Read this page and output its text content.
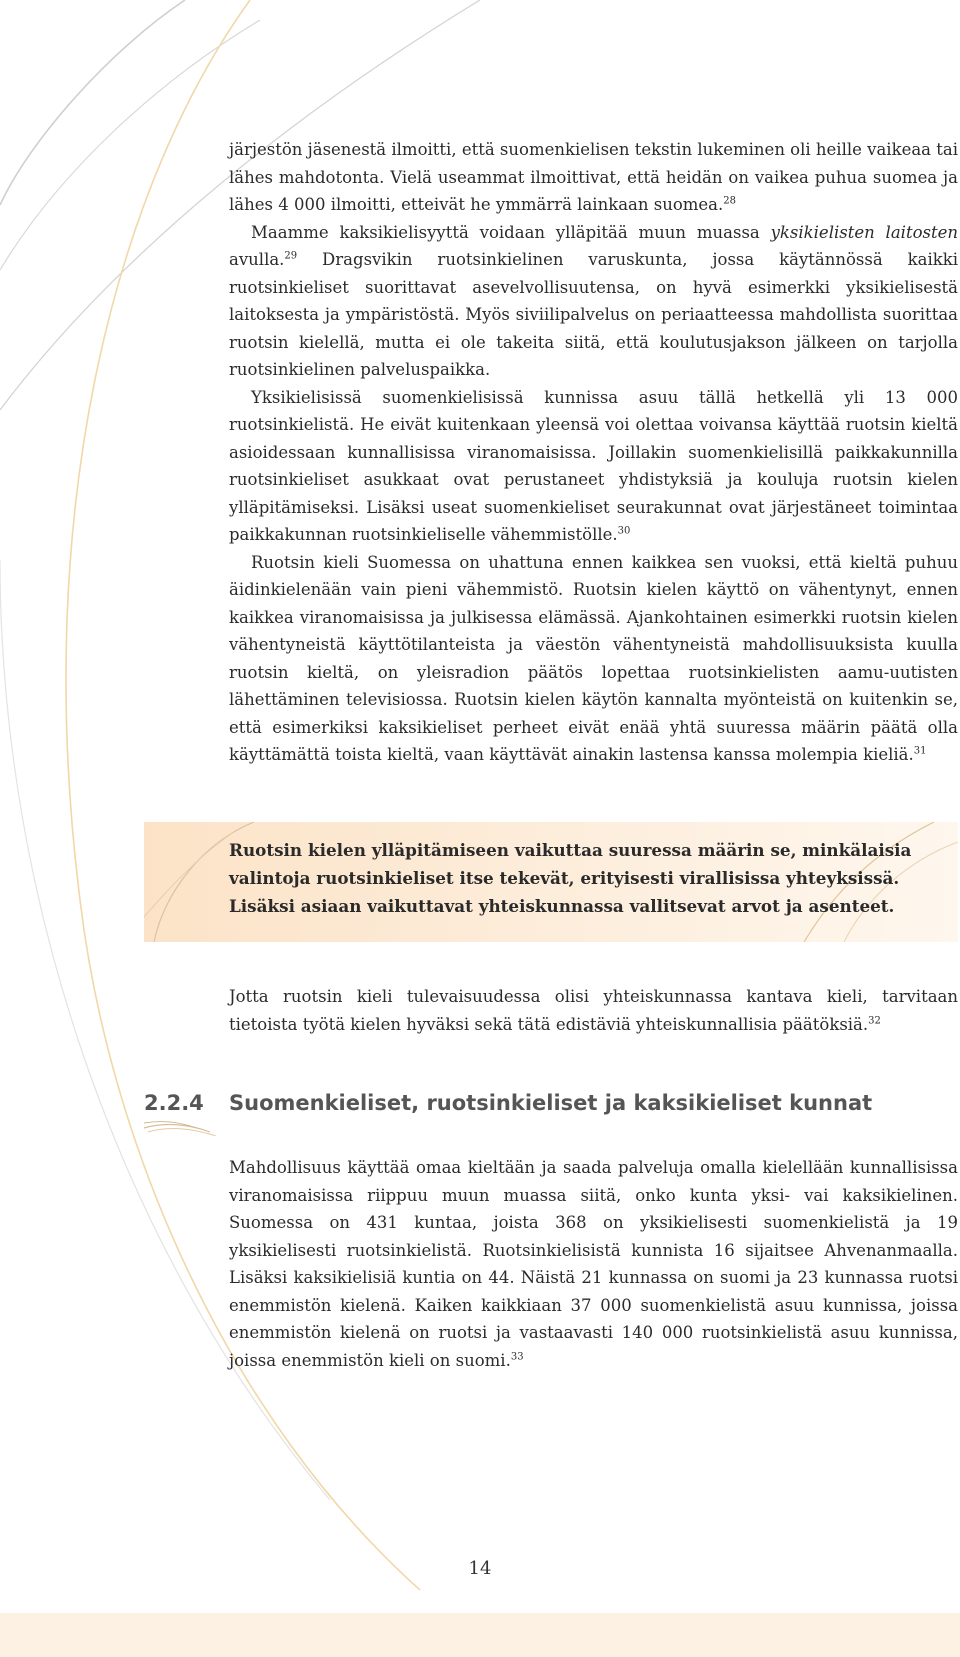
järjestön jäsenestä ilmoitti, että suomenkielisen tekstin lukeminen oli heille vaikeaa tai lähes mahdotonta. Vielä useammat ilmoittivat, että heidän on vaikea puhua suomea ja lähes 4 000 ilmoitti, etteivät he ymmärrä lainkaan suomea.$^{28}$

Maamme kaksikielisyyttä voidaan ylläpitää muun muassa yksikielisten laitosten avulla.$^{29}$ Dragsvikin ruotsinkielinen varuskunta, jossa käytännössä kaikki ruotsinkieliset suorittavat asevelvollisuutensa, on hyvä esimerkki yksikielisestä laitoksesta ja ympäristöstä. Myös siviilipalvelus on periaatteessa mahdollista suorittaa ruotsin kielellä, mutta ei ole takeita siitä, että koulutusjakson jälkeen on tarjolla ruotsinkielinen palveluspaikka.

Yksikielisissä suomenkielisissä kunnissa asuu tällä hetkellä yli 13 000 ruotsinkielistä. He eivät kuitenkaan yleensä voi olettaa voivansa käyttää ruotsin kieltä asioidessaan kunnallisissa viranomaisissa. Joillakin suomenkielisillä paikkakunnilla ruotsinkieliset asukkaat ovat perustaneet yhdistyksiä ja kouluja ruotsin kielen ylläpitämiseksi. Lisäksi useat suomenkieliset seurakunnat ovat järjestäneet toimintaa paikkakunnan ruotsinkieliselle vähemmistölle.$^{30}$

Ruotsin kieli Suomessa on uhattuna ennen kaikkea sen vuoksi, että kieltä puhuu äidinkielenään vain pieni vähemmistö. Ruotsin kielen käyttö on vähentynyt, ennen kaikkea viranomaisissa ja julkisessa elämässä. Ajankohtainen esimerkki ruotsin kielen vähentyneistä käyttötilanteista ja väestön vähentyneistä mahdollisuuksista kuulla ruotsin kieltä, on yleisradion päätös lopettaa ruotsinkielisten aamu-uutisten lähettäminen televisiossa. Ruotsin kielen käytön kannalta myönteistä on kuitenkin se, että esimerkiksi kaksikieliset perheet eivät enää yhtä suuressa määrin päätä olla käyttämättä toista kieltä, vaan käyttävät ainakin lastensa kanssa molempia kieliä.$^{31}$

Ruotsin kielen ylläpitämiseen vaikuttaa suuressa määrin se, minkälaisia valintoja ruotsinkieliset itse tekevät, erityisesti virallisissa yhteyksissä. Lisäksi asiaan vaikuttavat yhteiskunnassa vallitsevat arvot ja asenteet.

Jotta ruotsin kieli tulevaisuudessa olisi yhteiskunnassa kantava kieli, tarvitaan tietoista työtä kielen hyväksi sekä tätä edistäviä yhteiskunnallisia päätöksiä.$^{32}$

2.2.4 Suomenkieliset, ruotsinkieliset ja kaksikieliset kunnat

Mahdollisuus käyttää omaa kieltään ja saada palveluja omalla kielellään kunnallisissa viranomaisissa riippuu muun muassa siitä, onko kunta yksi- vai kaksikielinen. Suomessa on 431 kuntaa, joista 368 on yksikielisesti suomenkielistä ja 19 yksikielisesti ruotsinkielistä. Ruotsinkielisistä kunnista 16 sijaitsee Ahvenanmaalla. Lisäksi kaksikielisiä kuntia on 44. Näistä 21 kunnassa on suomi ja 23 kunnassa ruotsi enemmistön kielenä. Kaiken kaikkiaan 37 000 suomenkielistä asuu kunnissa, joissa enemmistön kielenä on ruotsi ja vastaavasti 140 000 ruotsinkielistä asuu kunnissa, joissa enemmistön kieli on suomi.$^{33}$

14
